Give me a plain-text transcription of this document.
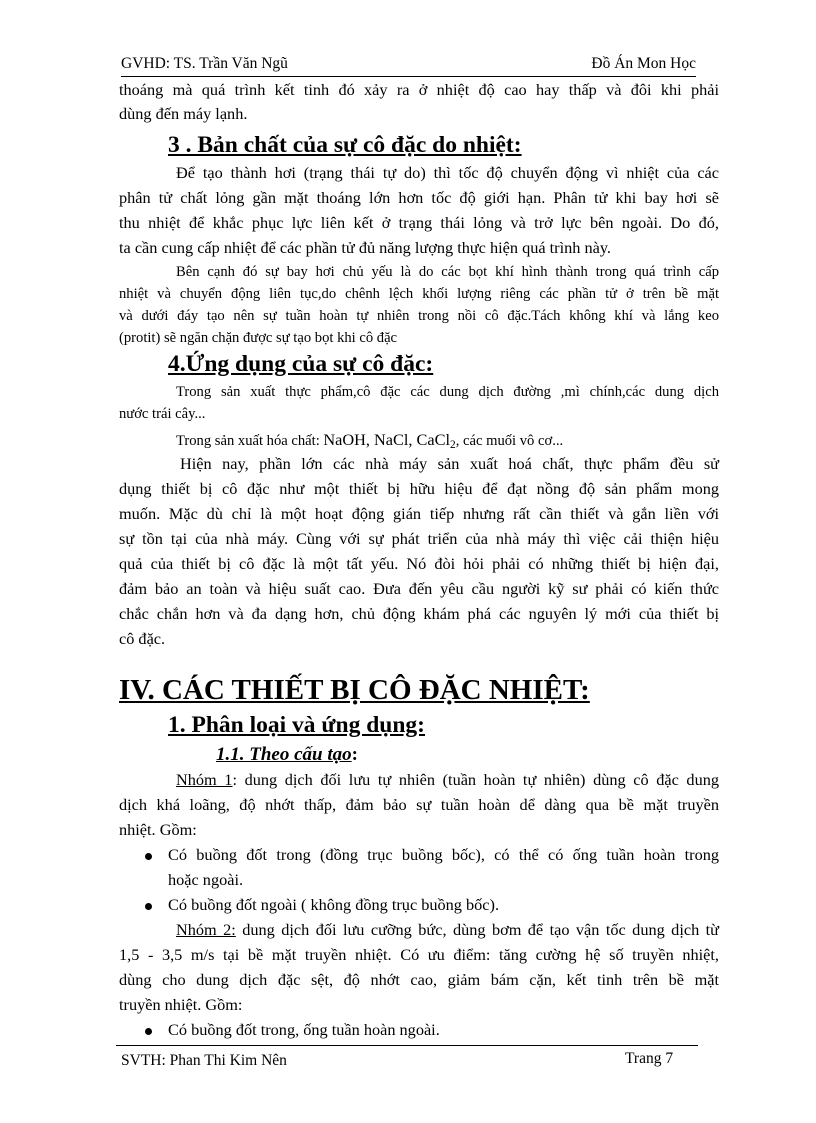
GVHD: TS. Trần Văn Ngũ	Đồ Án Mon Học
thoáng mà quá trình kết tinh đó xảy ra ở nhiệt độ cao hay thấp và đôi khi phải
dùng đến máy lạnh.
3 . Bản chất của sự cô đặc do nhiệt:
Để tạo thành hơi (trạng thái tự do) thì tốc độ chuyển động vì nhiệt của các
phân tử chất lỏng gần mặt thoáng lớn hơn tốc độ giới hạn. Phân tử khi bay hơi sẽ
thu nhiệt để khắc phục lực liên kết ở trạng thái lỏng và trở lực bên ngoài. Do đó,
ta cần cung cấp nhiệt để các phần tử đủ năng lượng thực hiện quá trình này.
Bên cạnh đó sự bay hơi chủ yếu là do các bọt khí hình thành trong quá trình cấp
nhiệt và chuyển động liên tục,do chênh lệch khối lượng riêng các phần tử ở trên bề mặt
và dưới đáy tạo nên sự tuần hoàn tự nhiên trong nồi cô đặc.Tách không khí và lắng keo
(protit) sẽ ngăn chặn được sự tạo bọt khi cô đặc
4.Ứng dụng của sự cô đặc:
Trong sản xuất thực phẩm,cô đặc các dung dịch đường ,mì chính,các dung dịch
nước trái cây...
Trong sản xuất hóa chất: NaOH, NaCl, CaCl$_2$, các muối vô cơ...
Hiện nay, phần lớn các nhà máy sản xuất hoá chất, thực phẩm đều sử
dụng thiết bị cô đặc như một thiết bị hữu hiệu để đạt nồng độ sản phẩm mong
muốn. Mặc dù chỉ là một hoạt động gián tiếp nhưng rất cần thiết và gắn liền với
sự tồn tại của nhà máy. Cùng với sự phát triển của nhà máy thì việc cải thiện hiệu
quả của thiết bị cô đặc là một tất yếu. Nó đòi hỏi phải có những thiết bị hiện đại,
đảm bảo an toàn và hiệu suất cao. Đưa đến yêu cầu người kỹ sư phải có kiến thức
chắc chắn hơn và đa dạng hơn, chủ động khám phá các nguyên lý mới của thiết bị
cô đặc.
IV. CÁC THIẾT BỊ CÔ ĐẶC NHIỆT:
1. Phân loại và ứng dụng:
1.1. Theo cấu tạo:
Nhóm 1: dung dịch đối lưu tự nhiên (tuần hoàn tự nhiên) dùng cô đặc dung
dịch khá loãng, độ nhớt thấp, đảm bảo sự tuần hoàn dể dàng qua bề mặt truyền
nhiệt. Gồm:
Có buồng đốt trong (đồng trục buồng bốc), có thể có ống tuần hoàn trong
hoặc ngoài.
Có buồng đốt ngoài ( không đồng trục buồng bốc).
Nhóm 2: dung dịch đối lưu cưỡng bức, dùng bơm để tạo vận tốc dung dịch từ
1,5 - 3,5 m/s tại bề mặt truyền nhiệt. Có ưu điểm: tăng cường hệ số truyền nhiệt,
dùng cho dung dịch đặc sệt, độ nhớt cao, giảm bám cặn, kết tinh trên bề mặt
truyền nhiệt. Gồm:
Có buồng đốt trong, ống tuần hoàn ngoài.
SVTH: Phan Thi Kim Nên	Trang 7
